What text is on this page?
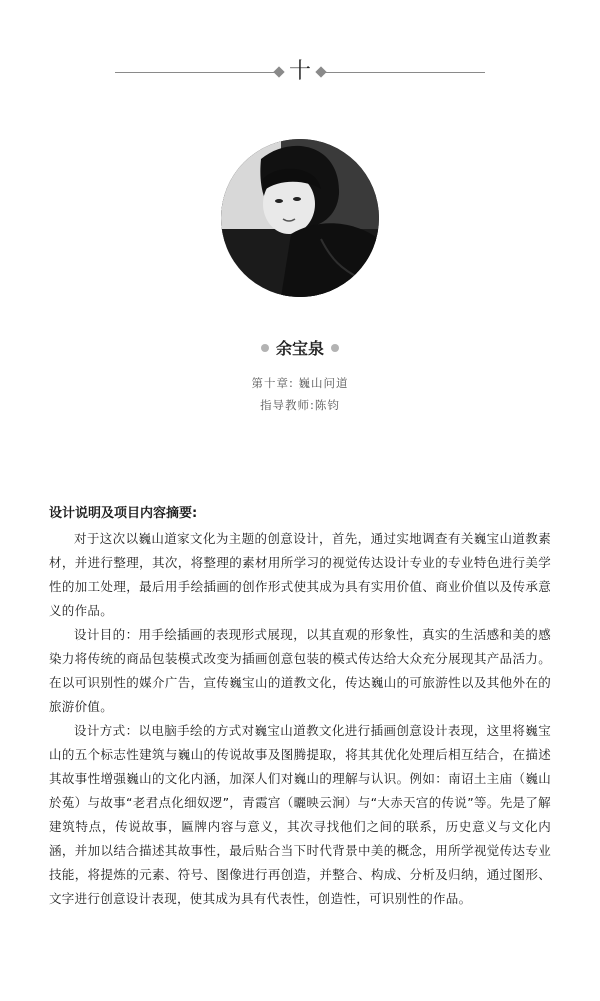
十
余宝泉
第十章: 巍山问道
指导教师:陈钧

设计说明及项目内容摘要:

对于这次以巍山道家文化为主题的创意设计，首先，通过实地调查有关巍宝山道教素材，并进行整理，其次，将整理的素材用所学习的视觉传达设计专业的专业特色进行美学性的加工处理，最后用手绘插画的创作形式使其成为具有实用价值、商业价值以及传承意义的作品。

设计目的：用手绘插画的表现形式展现，以其直观的形象性，真实的生活感和美的感染力将传统的商品包装模式改变为插画创意包装的模式传达给大众充分展现其产品活力。在以可识别性的媒介广告，宣传巍宝山的道教文化，传达巍山的可旅游性以及其他外在的旅游价值。

设计方式：以电脑手绘的方式对巍宝山道教文化进行插画创意设计表现，这里将巍宝山的五个标志性建筑与巍山的传说故事及图腾提取，将其其优化处理后相互结合，在描述其故事性增强巍山的文化内涵，加深人们对巍山的理解与认识。例如：南诏土主庙（巍山於菟）与故事“老君点化细奴逻”，青霞宫（曬映云涧）与“大赤天宫的传说”等。先是了解建筑特点，传说故事，匾牌内容与意义，其次寻找他们之间的联系，历史意义与文化内涵，并加以结合描述其故事性，最后贴合当下时代背景中美的概念，用所学视觉传达专业技能，将提炼的元素、符号、图像进行再创造，并整合、构成、分析及归纳，通过图形、文字进行创意设计表现，使其成为具有代表性，创造性，可识别性的作品。
